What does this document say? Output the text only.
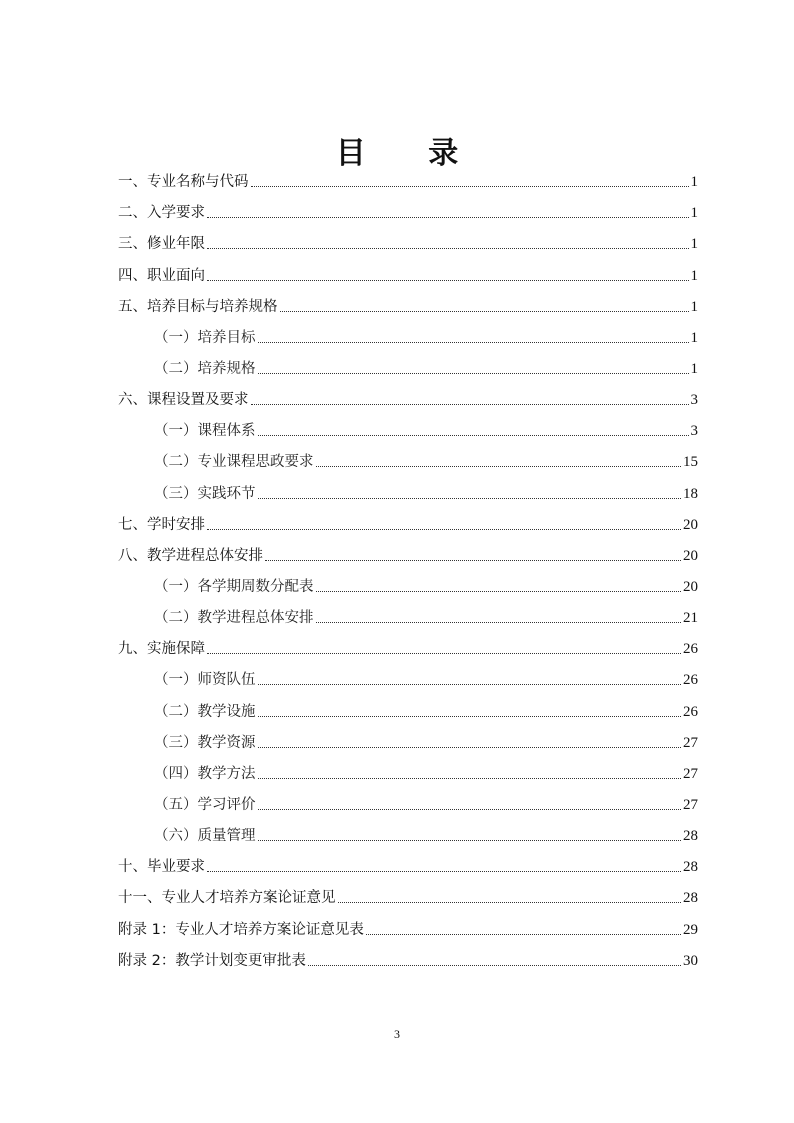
目 录
一、专业名称与代码	1
二、入学要求	1
三、修业年限	1
四、职业面向	1
五、培养目标与培养规格	1
（一）培养目标	1
（二）培养规格	1
六、课程设置及要求	3
（一）课程体系	3
（二）专业课程思政要求	15
（三）实践环节	18
七、学时安排	20
八、教学进程总体安排	20
（一）各学期周数分配表	20
（二）教学进程总体安排	21
九、实施保障	26
（一）师资队伍	26
（二）教学设施	26
（三）教学资源	27
（四）教学方法	27
（五）学习评价	27
（六）质量管理	28
十、毕业要求	28
十一、专业人才培养方案论证意见	28
附录 1：专业人才培养方案论证意见表	29
附录 2：教学计划变更审批表	30
3
